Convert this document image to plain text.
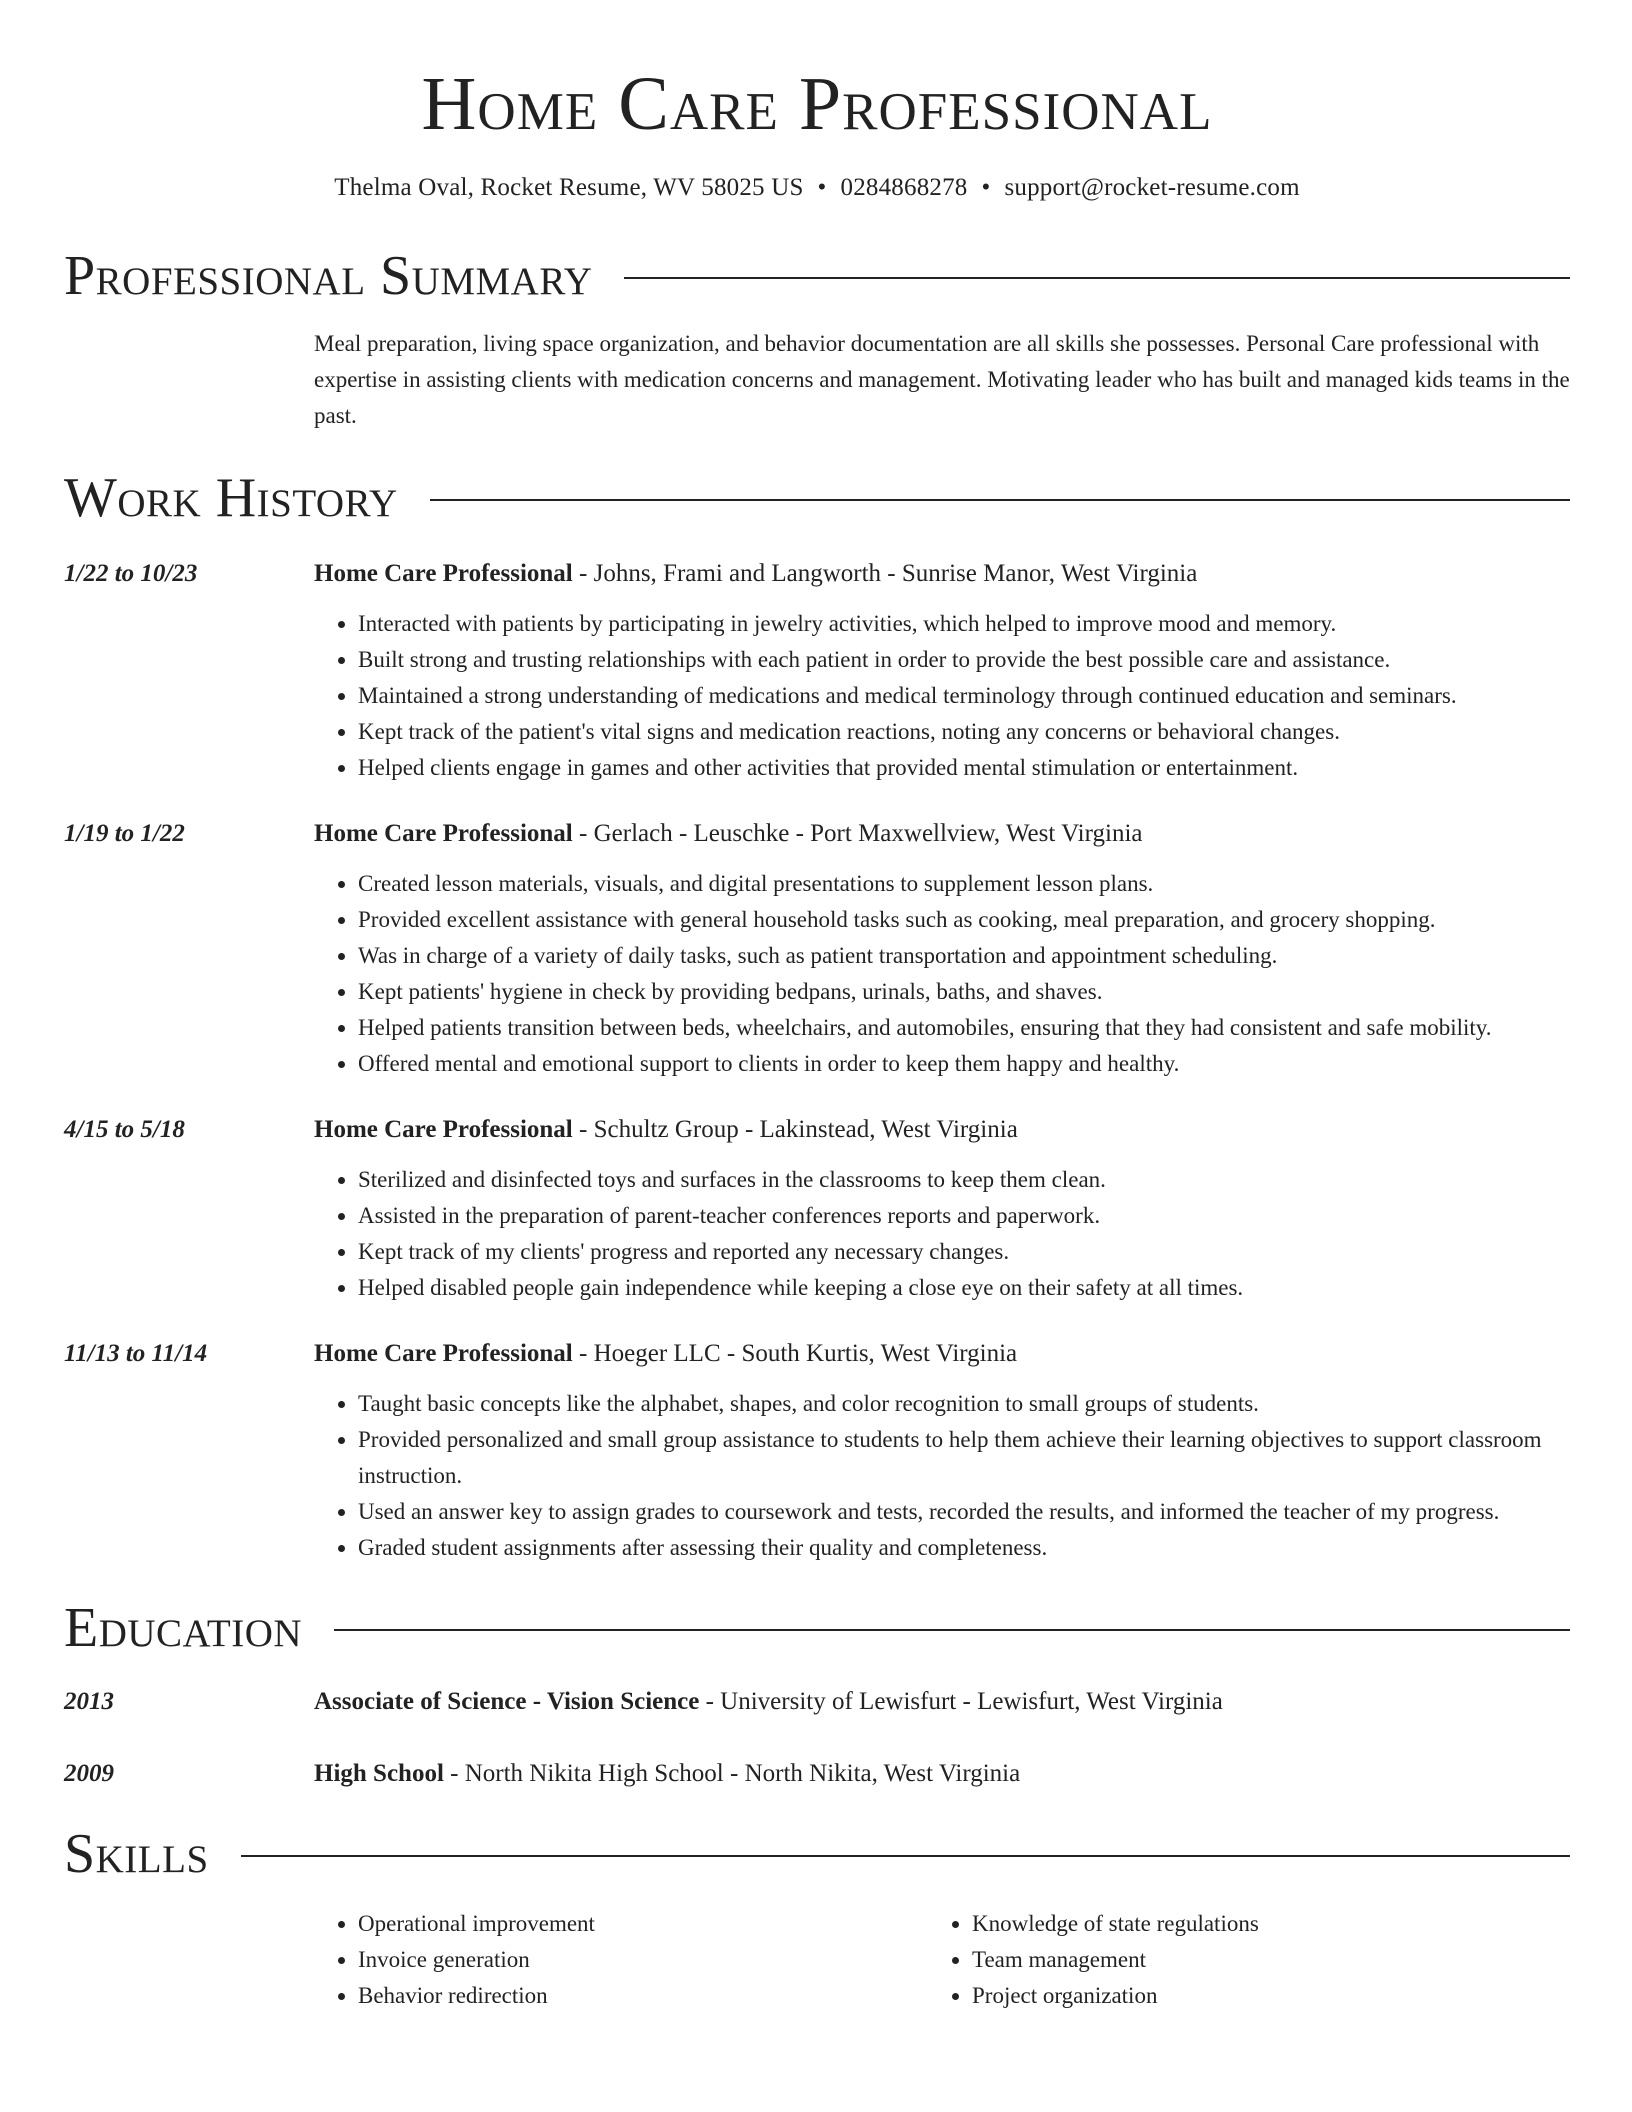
Home Care Professional
Thelma Oval, Rocket Resume, WV 58025 US • 0284868278 • support@rocket-resume.com
Professional Summary
Meal preparation, living space organization, and behavior documentation are all skills she possesses. Personal Care professional with expertise in assisting clients with medication concerns and management. Motivating leader who has built and managed kids teams in the past.
Work History
1/22 to 10/23	Home Care Professional - Johns, Frami and Langworth - Sunrise Manor, West Virginia
• Interacted with patients by participating in jewelry activities, which helped to improve mood and memory.
• Built strong and trusting relationships with each patient in order to provide the best possible care and assistance.
• Maintained a strong understanding of medications and medical terminology through continued education and seminars.
• Kept track of the patient's vital signs and medication reactions, noting any concerns or behavioral changes.
• Helped clients engage in games and other activities that provided mental stimulation or entertainment.
1/19 to 1/22	Home Care Professional - Gerlach - Leuschke - Port Maxwellview, West Virginia
• Created lesson materials, visuals, and digital presentations to supplement lesson plans.
• Provided excellent assistance with general household tasks such as cooking, meal preparation, and grocery shopping.
• Was in charge of a variety of daily tasks, such as patient transportation and appointment scheduling.
• Kept patients' hygiene in check by providing bedpans, urinals, baths, and shaves.
• Helped patients transition between beds, wheelchairs, and automobiles, ensuring that they had consistent and safe mobility.
• Offered mental and emotional support to clients in order to keep them happy and healthy.
4/15 to 5/18	Home Care Professional - Schultz Group - Lakinstead, West Virginia
• Sterilized and disinfected toys and surfaces in the classrooms to keep them clean.
• Assisted in the preparation of parent-teacher conferences reports and paperwork.
• Kept track of my clients' progress and reported any necessary changes.
• Helped disabled people gain independence while keeping a close eye on their safety at all times.
11/13 to 11/14	Home Care Professional - Hoeger LLC - South Kurtis, West Virginia
• Taught basic concepts like the alphabet, shapes, and color recognition to small groups of students.
• Provided personalized and small group assistance to students to help them achieve their learning objectives to support classroom instruction.
• Used an answer key to assign grades to coursework and tests, recorded the results, and informed the teacher of my progress.
• Graded student assignments after assessing their quality and completeness.
Education
2013	Associate of Science - Vision Science - University of Lewisfurt - Lewisfurt, West Virginia
2009	High School - North Nikita High School - North Nikita, West Virginia
Skills
• Operational improvement
• Invoice generation
• Behavior redirection
• Knowledge of state regulations
• Team management
• Project organization
